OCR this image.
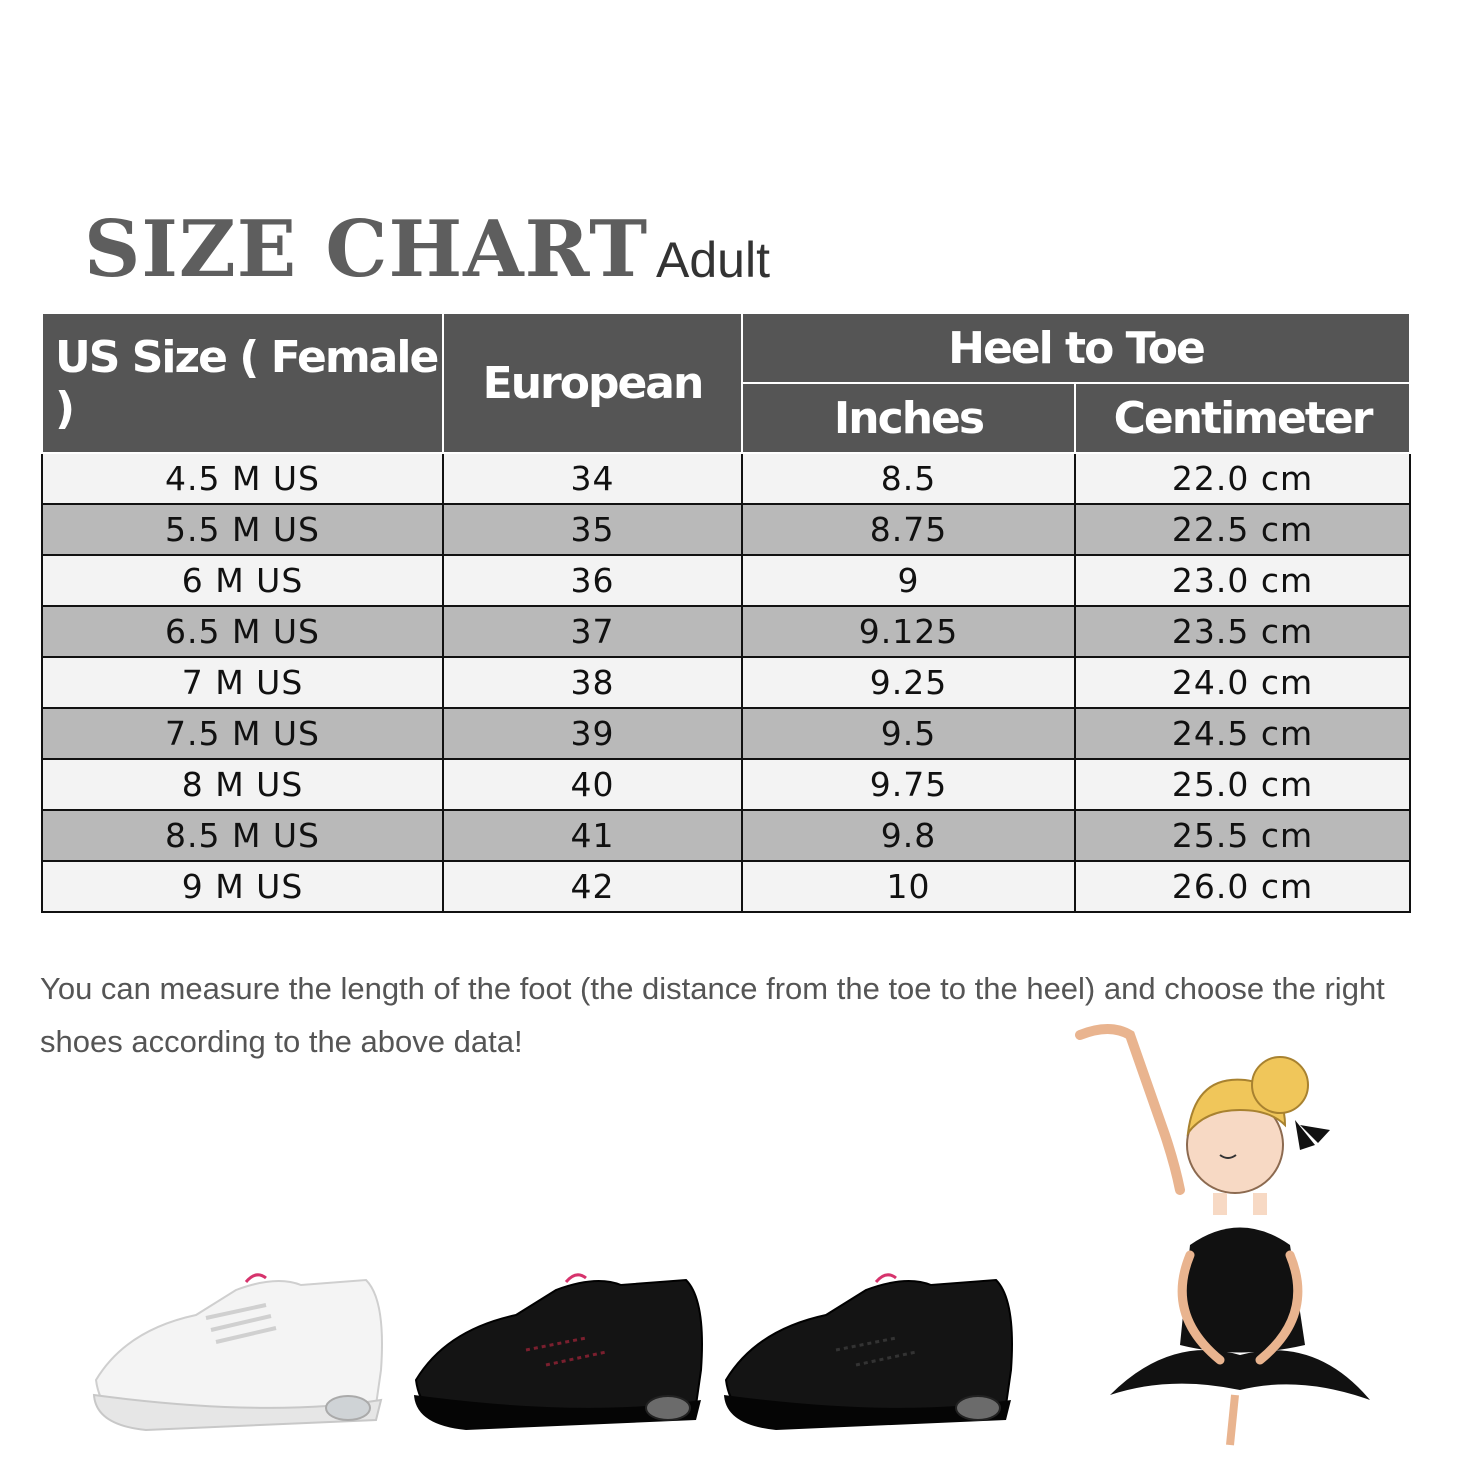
SIZE CHART Adult
US Size ( Female )	European	Heel to Toe	
		Inches	Centimeter
4.5 M US	34	8.5	22.0 cm
5.5 M US	35	8.75	22.5 cm
6 M US	36	9	23.0 cm
6.5 M US	37	9.125	23.5 cm
7 M US	38	9.25	24.0 cm
7.5 M US	39	9.5	24.5 cm
8 M US	40	9.75	25.0 cm
8.5 M US	41	9.8	25.5 cm
9 M US	42	10	26.0 cm
You can measure the length of the foot (the distance from the toe to the heel) and choose the right shoes according to the above data!
